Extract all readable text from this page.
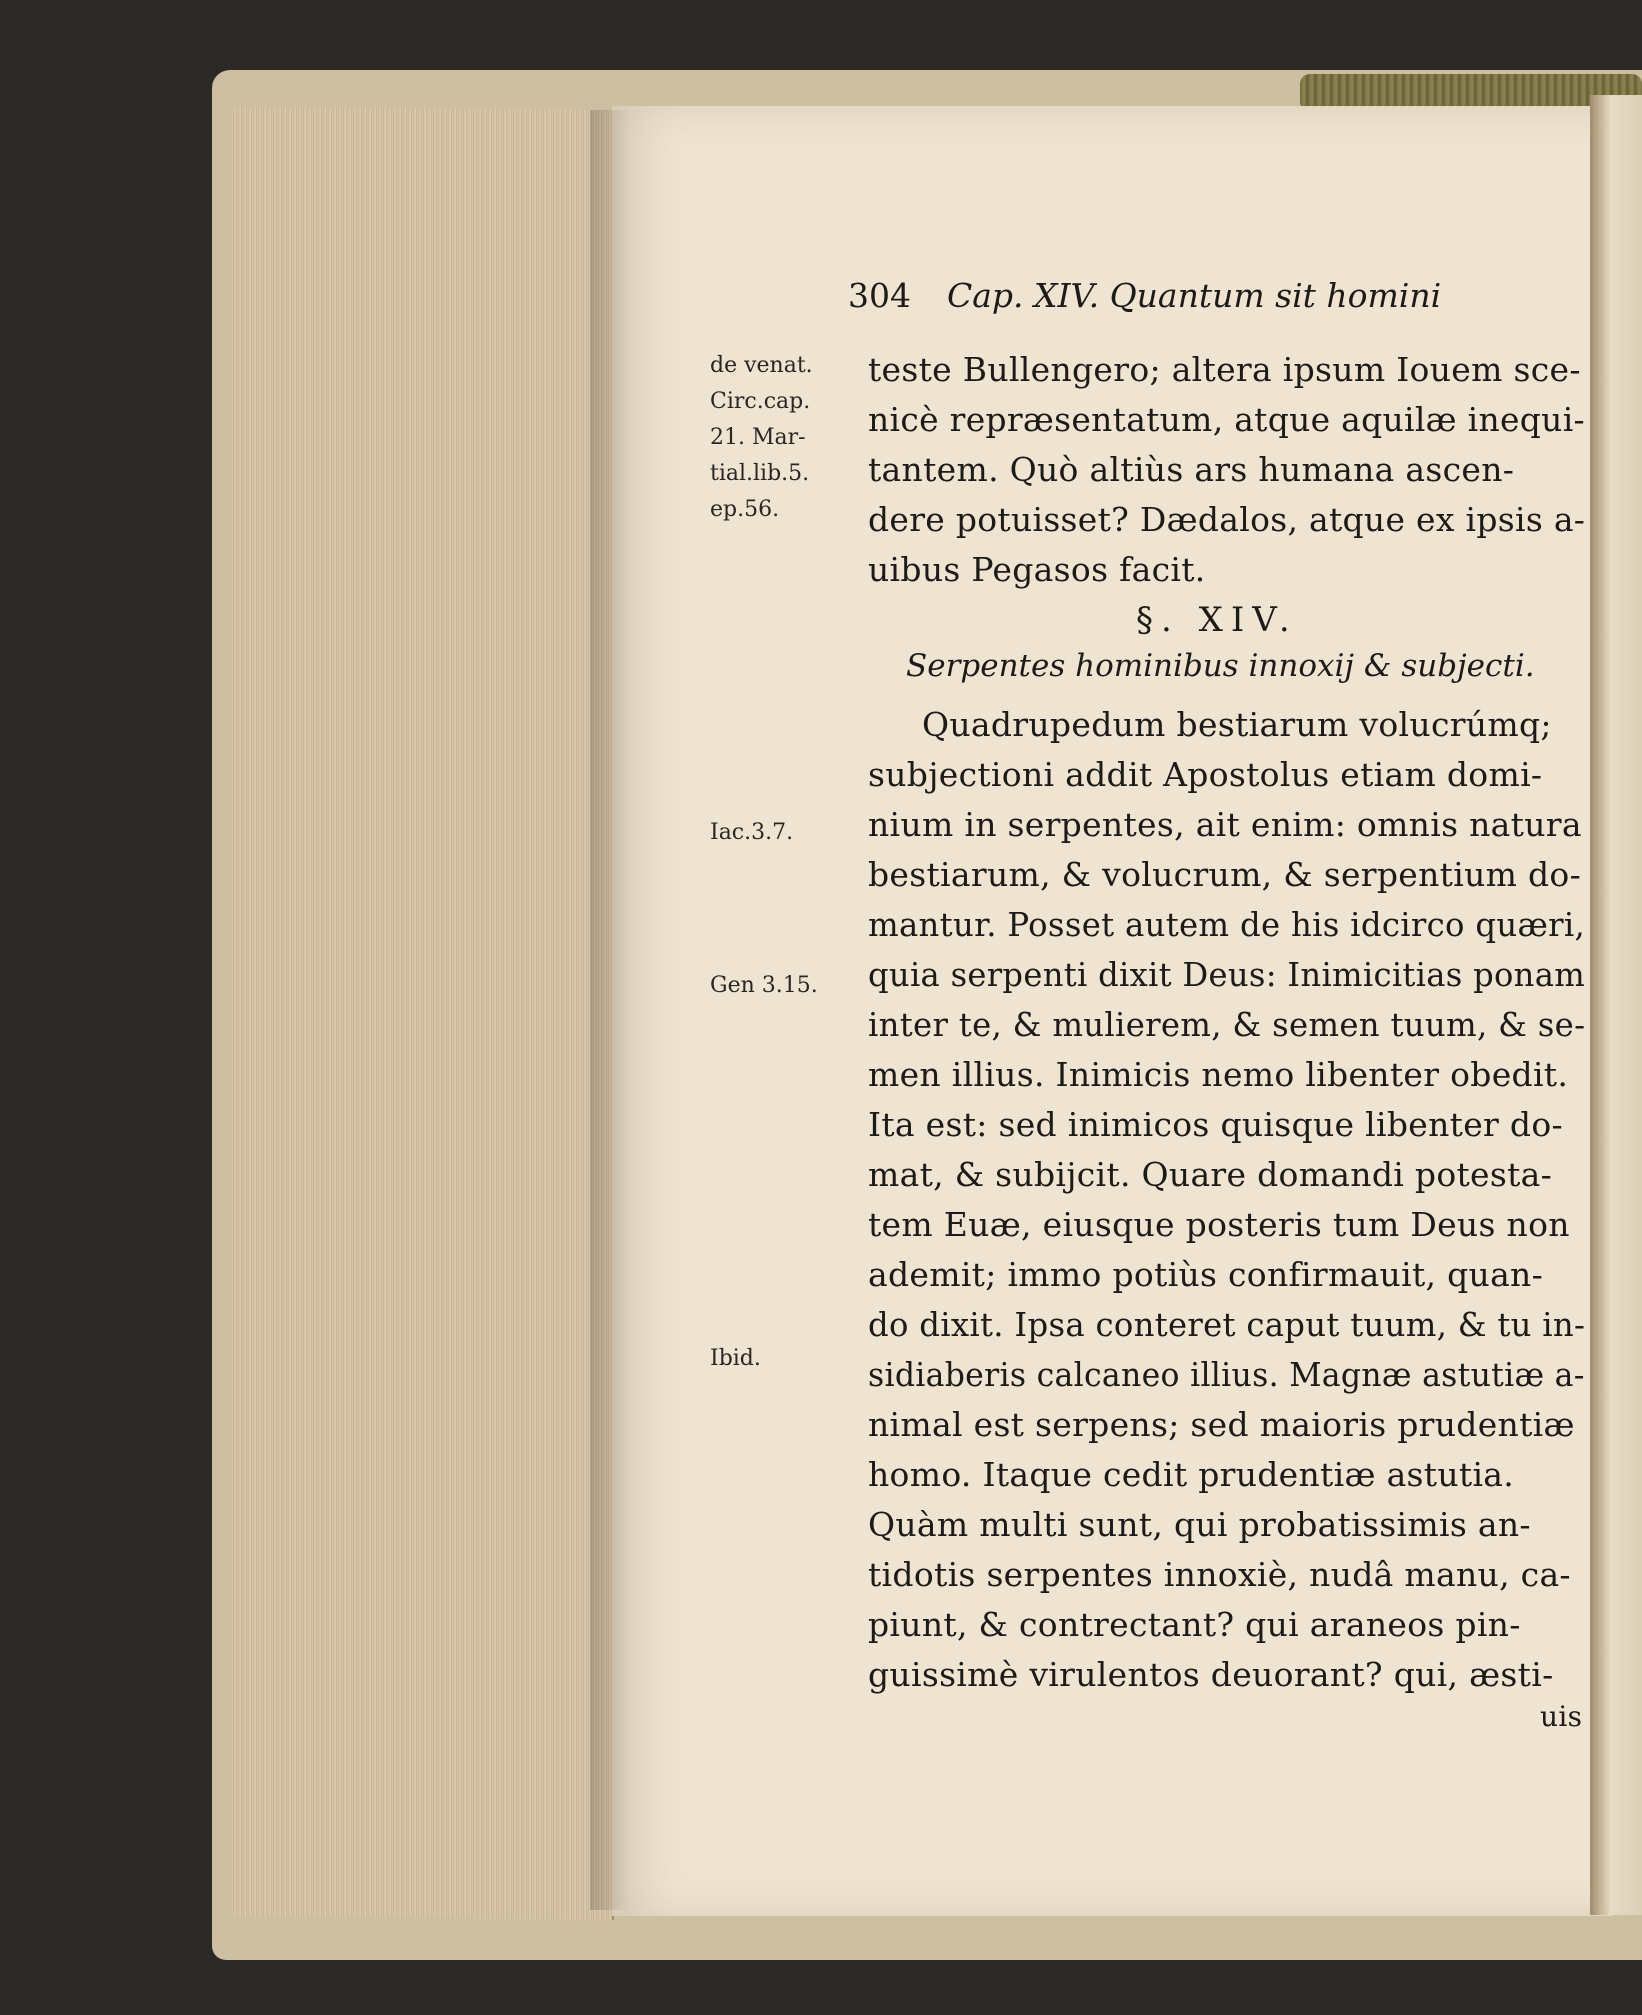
304 Cap. XIV. Quantum sit homini

de venat.

Circ.cap.

21. Mar-

tial.lib.5.

ep.56.

Iac.3.7.

Gen 3.15.

Ibid.

§. XIV.
Serpentes hominibus innoxij & subjecti.

teste Bullengero; altera ipsum Iouem sce-

nicè repræsentatum, atque aquilæ inequi-

tantem. Quò altiùs ars humana ascen-

dere potuisset? Dædalos, atque ex ipsis a-

uibus Pegasos facit.

Quadrupedum bestiarum volucrúmq;

subjectioni addit Apostolus etiam domi-

nium in serpentes, ait enim: omnis natura

bestiarum, & volucrum, & serpentium do-

mantur. Posset autem de his idcirco quæri,

quia serpenti dixit Deus: Inimicitias ponam

inter te, & mulierem, & semen tuum, & se-

men illius. Inimicis nemo libenter obedit.

Ita est: sed inimicos quisque libenter do-

mat, & subijcit. Quare domandi potesta-

tem Euæ, eiusque posteris tum Deus non

ademit; immo potiùs confirmauit, quan-

do dixit. Ipsa conteret caput tuum, & tu in-

sidiaberis calcaneo illius. Magnæ astutiæ a-

nimal est serpens; sed maioris prudentiæ

homo. Itaque cedit prudentiæ astutia.

Quàm multi sunt, qui probatissimis an-

tidotis serpentes innoxiè, nudâ manu, ca-

piunt, & contrectant? qui araneos pin-

guissimè virulentos deuorant? qui, æsti-

uis
